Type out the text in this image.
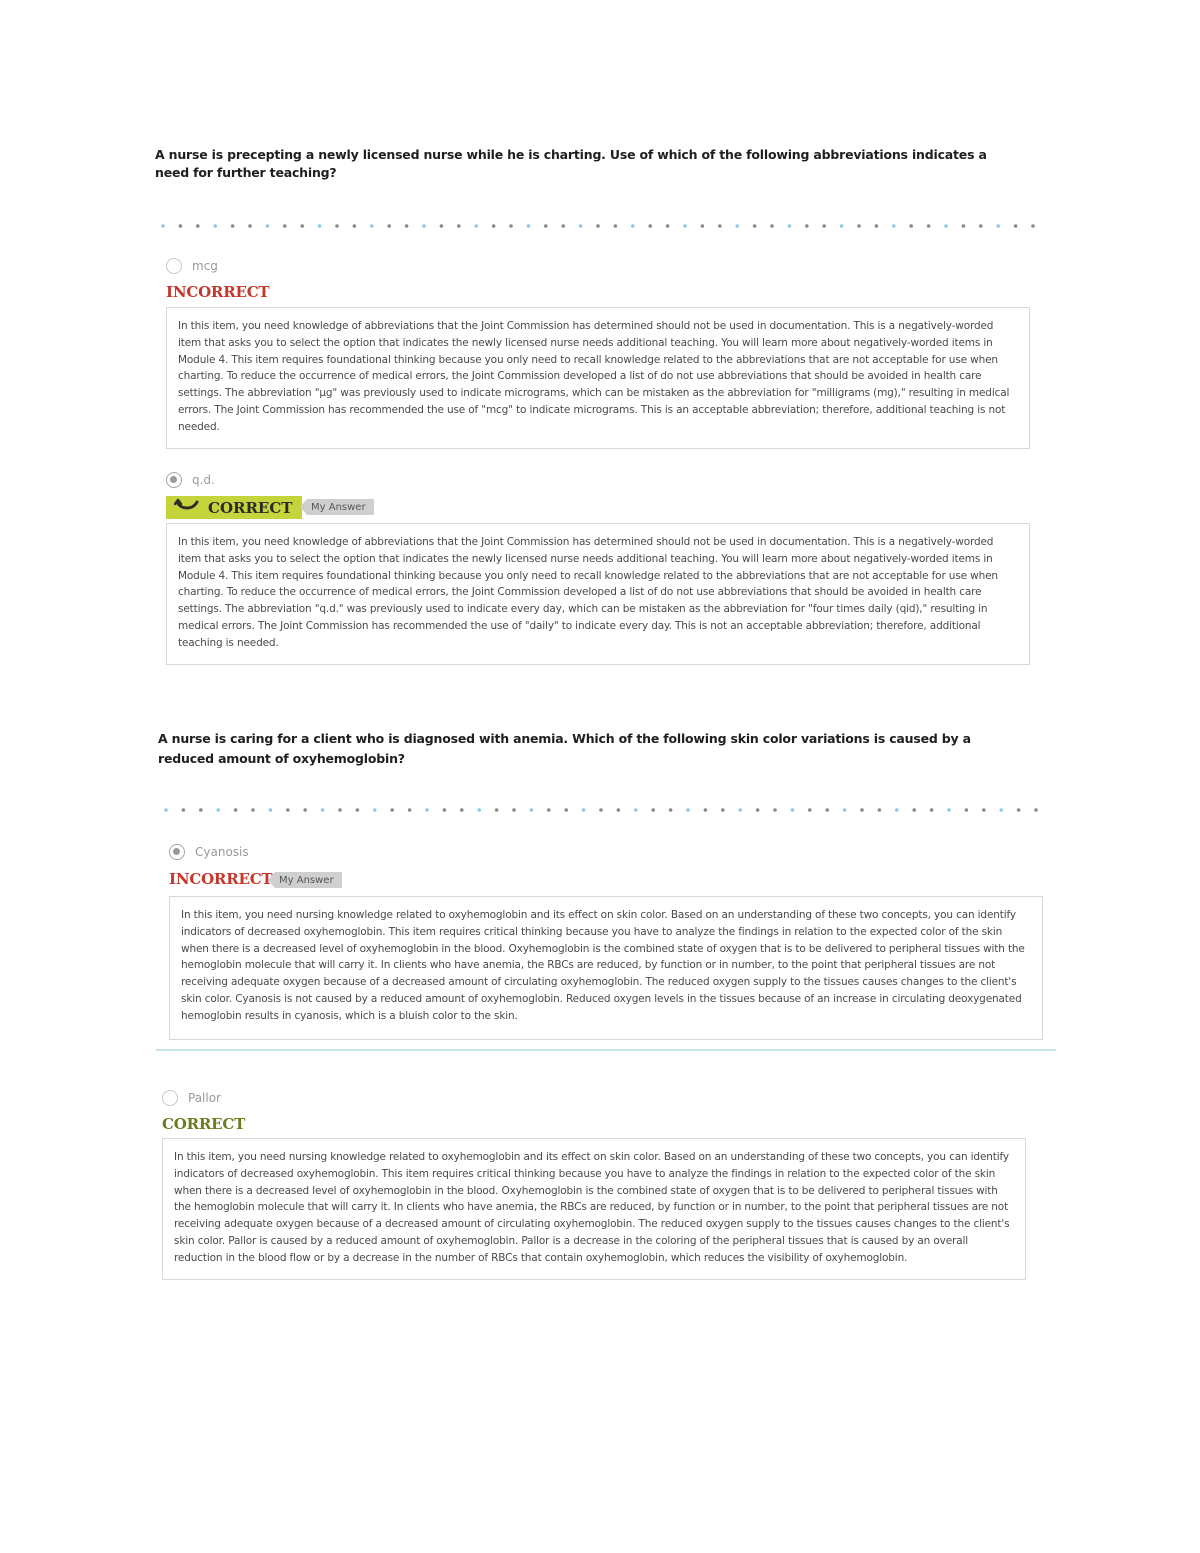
A nurse is precepting a newly licensed nurse while he is charting. Use of which of the following abbreviations indicates a need for further teaching?
mcg
INCORRECT
In this item, you need knowledge of abbreviations that the Joint Commission has determined should not be used in documentation. This is a negatively-worded item that asks you to select the option that indicates the newly licensed nurse needs additional teaching. You will learn more about negatively-worded items in Module 4. This item requires foundational thinking because you only need to recall knowledge related to the abbreviations that are not acceptable for use when charting. To reduce the occurrence of medical errors, the Joint Commission developed a list of do not use abbreviations that should be avoided in health care settings. The abbreviation "μg" was previously used to indicate micrograms, which can be mistaken as the abbreviation for "milligrams (mg)," resulting in medical errors. The Joint Commission has recommended the use of "mcg" to indicate micrograms. This is an acceptable abbreviation; therefore, additional teaching is not needed.
q.d.
CORRECT	My Answer
In this item, you need knowledge of abbreviations that the Joint Commission has determined should not be used in documentation. This is a negatively-worded item that asks you to select the option that indicates the newly licensed nurse needs additional teaching. You will learn more about negatively-worded items in Module 4. This item requires foundational thinking because you only need to recall knowledge related to the abbreviations that are not acceptable for use when charting. To reduce the occurrence of medical errors, the Joint Commission developed a list of do not use abbreviations that should be avoided in health care settings. The abbreviation "q.d." was previously used to indicate every day, which can be mistaken as the abbreviation for "four times daily (qid)," resulting in medical errors. The Joint Commission has recommended the use of "daily" to indicate every day. This is not an acceptable abbreviation; therefore, additional teaching is needed.
A nurse is caring for a client who is diagnosed with anemia. Which of the following skin color variations is caused by a reduced amount of oxyhemoglobin?
Cyanosis
INCORRECT My Answer
In this item, you need nursing knowledge related to oxyhemoglobin and its effect on skin color. Based on an understanding of these two concepts, you can identify indicators of decreased oxyhemoglobin. This item requires critical thinking because you have to analyze the findings in relation to the expected color of the skin when there is a decreased level of oxyhemoglobin in the blood. Oxyhemoglobin is the combined state of oxygen that is to be delivered to peripheral tissues with the hemoglobin molecule that will carry it. In clients who have anemia, the RBCs are reduced, by function or in number, to the point that peripheral tissues are not receiving adequate oxygen because of a decreased amount of circulating oxyhemoglobin. The reduced oxygen supply to the tissues causes changes to the client's skin color. Cyanosis is not caused by a reduced amount of oxyhemoglobin. Reduced oxygen levels in the tissues because of an increase in circulating deoxygenated hemoglobin results in cyanosis, which is a bluish color to the skin.
Pallor
CORRECT
In this item, you need nursing knowledge related to oxyhemoglobin and its effect on skin color. Based on an understanding of these two concepts, you can identify indicators of decreased oxyhemoglobin. This item requires critical thinking because you have to analyze the findings in relation to the expected color of the skin when there is a decreased level of oxyhemoglobin in the blood. Oxyhemoglobin is the combined state of oxygen that is to be delivered to peripheral tissues with the hemoglobin molecule that will carry it. In clients who have anemia, the RBCs are reduced, by function or in number, to the point that peripheral tissues are not receiving adequate oxygen because of a decreased amount of circulating oxyhemoglobin. The reduced oxygen supply to the tissues causes changes to the client's skin color. Pallor is caused by a reduced amount of oxyhemoglobin. Pallor is a decrease in the coloring of the peripheral tissues that is caused by an overall reduction in the blood flow or by a decrease in the number of RBCs that contain oxyhemoglobin, which reduces the visibility of oxyhemoglobin.
